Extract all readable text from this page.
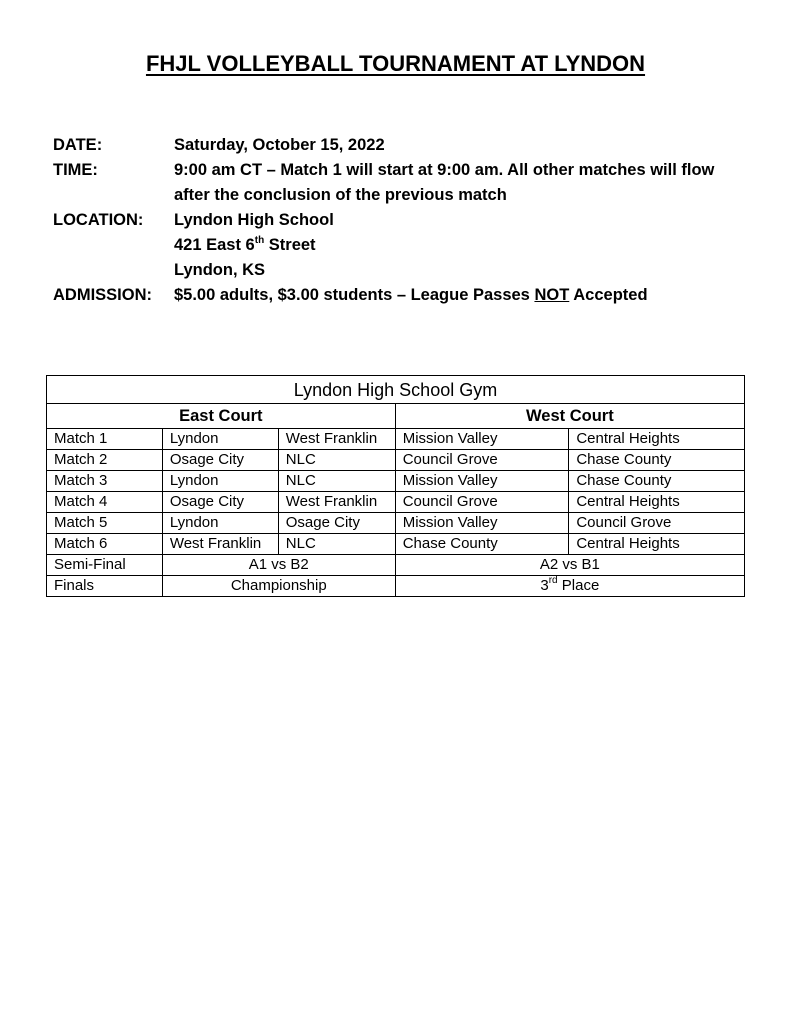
FHJL VOLLEYBALL TOURNAMENT AT LYNDON
DATE:	Saturday, October 15, 2022
TIME:	9:00 am CT – Match 1 will start at 9:00 am. All other matches will flow after the conclusion of the previous match
LOCATION:	Lyndon High School
421 East 6th Street
Lyndon, KS
ADMISSION:	$5.00 adults, $3.00 students – League Passes NOT Accepted
Lyndon High School Gym				
East Court			West Court	
Match 1	Lyndon	West Franklin	Mission Valley	Central Heights
Match 2	Osage City	NLC	Council Grove	Chase County
Match 3	Lyndon	NLC	Mission Valley	Chase County
Match 4	Osage City	West Franklin	Council Grove	Central Heights
Match 5	Lyndon	Osage City	Mission Valley	Council Grove
Match 6	West Franklin	NLC	Chase County	Central Heights
Semi-Final	A1 vs B2		A2 vs B1	
Finals	Championship		3rd Place	
